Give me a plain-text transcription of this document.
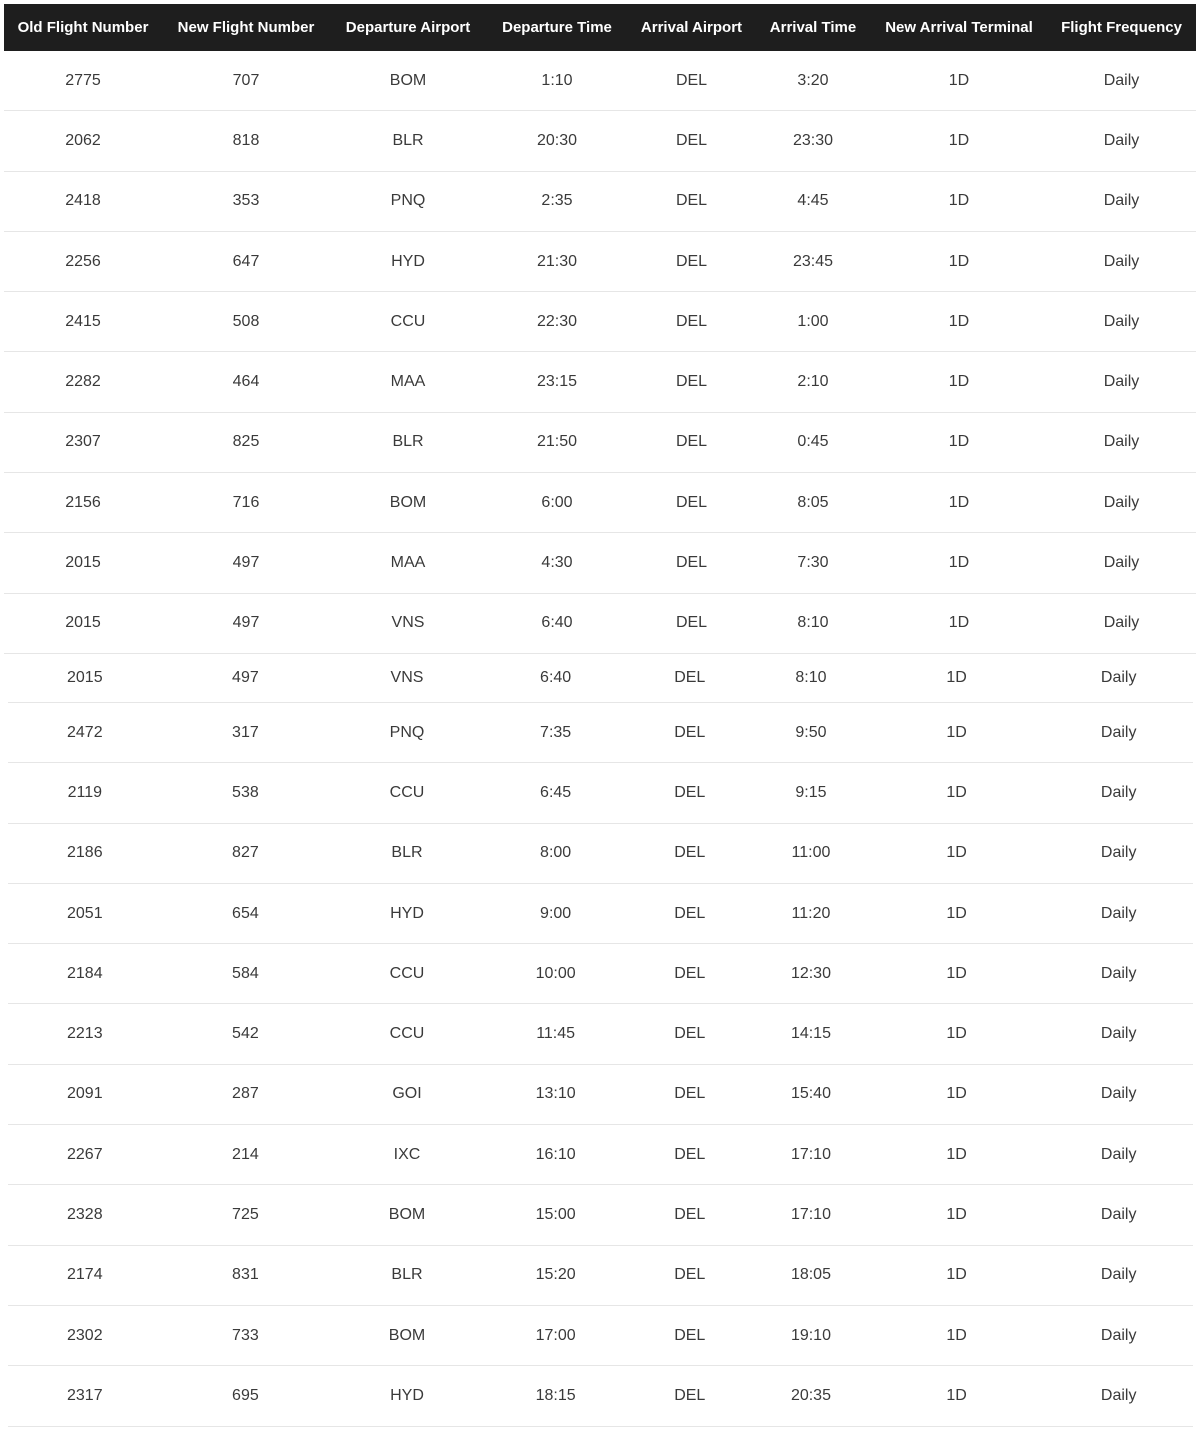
Old Flight Number	New Flight Number	Departure Airport	Departure Time	Arrival Airport	Arrival Time	New Arrival Terminal	Flight Frequency
2775	707	BOM	1:10	DEL	3:20	1D	Daily
2062	818	BLR	20:30	DEL	23:30	1D	Daily
2418	353	PNQ	2:35	DEL	4:45	1D	Daily
2256	647	HYD	21:30	DEL	23:45	1D	Daily
2415	508	CCU	22:30	DEL	1:00	1D	Daily
2282	464	MAA	23:15	DEL	2:10	1D	Daily
2307	825	BLR	21:50	DEL	0:45	1D	Daily
2156	716	BOM	6:00	DEL	8:05	1D	Daily
2015	497	MAA	4:30	DEL	7:30	1D	Daily
2015	497	VNS	6:40	DEL	8:10	1D	Daily
2015	497	VNS	6:40	DEL	8:10	1D	Daily
2472	317	PNQ	7:35	DEL	9:50	1D	Daily
2119	538	CCU	6:45	DEL	9:15	1D	Daily
2186	827	BLR	8:00	DEL	11:00	1D	Daily
2051	654	HYD	9:00	DEL	11:20	1D	Daily
2184	584	CCU	10:00	DEL	12:30	1D	Daily
2213	542	CCU	11:45	DEL	14:15	1D	Daily
2091	287	GOI	13:10	DEL	15:40	1D	Daily
2267	214	IXC	16:10	DEL	17:10	1D	Daily
2328	725	BOM	15:00	DEL	17:10	1D	Daily
2174	831	BLR	15:20	DEL	18:05	1D	Daily
2302	733	BOM	17:00	DEL	19:10	1D	Daily
2317	695	HYD	18:15	DEL	20:35	1D	Daily
